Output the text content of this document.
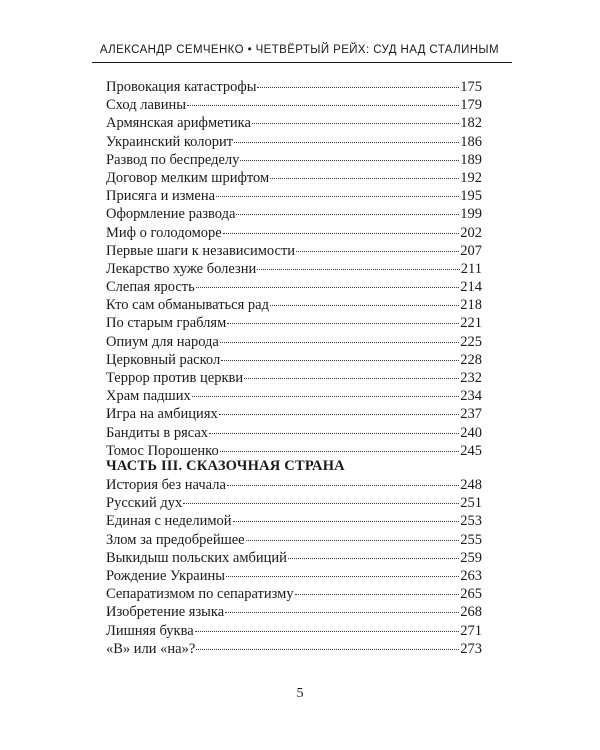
АЛЕКСАНДР СЕМЧЕНКО • ЧЕТВЁРТЫЙ РЕЙХ: СУД НАД СТАЛИНЫМ
Провокация катастрофы	175
Сход лавины	179
Армянская арифметика	182
Украинский колорит	186
Развод по беспределу	189
Договор мелким шрифтом	192
Присяга и измена	195
Оформление развода	199
Миф о голодоморе	202
Первые шаги к независимости	207
Лекарство хуже болезни	211
Слепая ярость	214
Кто сам обманываться рад	218
По старым граблям	221
Опиум для народа	225
Церковный раскол	228
Террор против церкви	232
Храм падших	234
Игра на амбициях	237
Бандиты в рясах	240
Томос Порошенко	245
ЧАСТЬ III. СКАЗОЧНАЯ СТРАНА
История без начала	248
Русский дух	251
Единая с неделимой	253
Злом за предобрейшее	255
Выкидыш польских амбиций	259
Рождение Украины	263
Сепаратизмом по сепаратизму	265
Изобретение языка	268
Лишняя буква	271
«В» или «на»?	273
5
